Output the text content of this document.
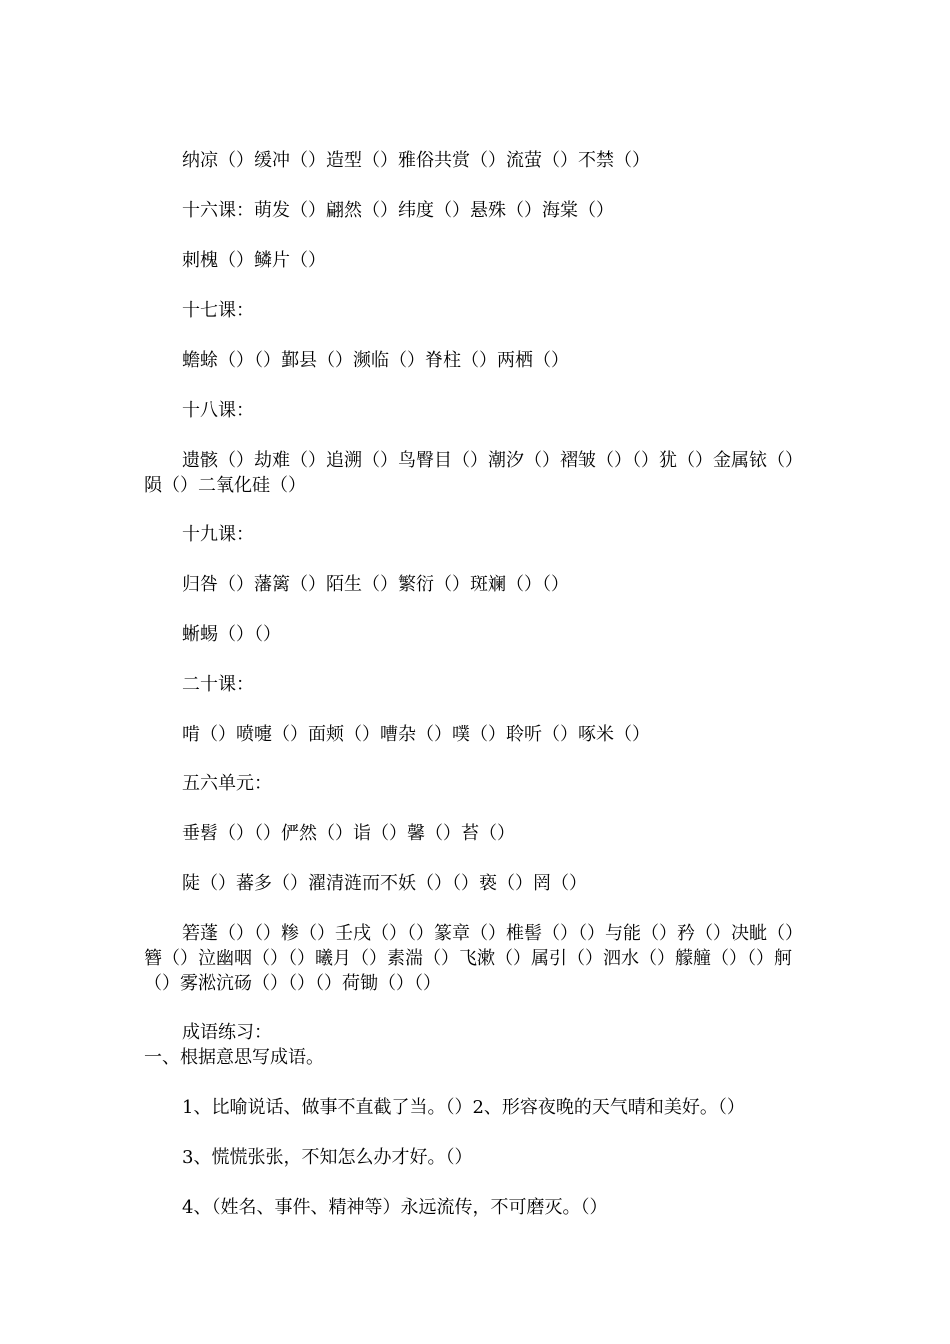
纳凉（）缓冲（）造型（）雅俗共赏（）流萤（）不禁（）
十六课：萌发（）翩然（）纬度（）悬殊（）海棠（）
刺槐（）鳞片（）
十七课：
蟾蜍（）（）鄞县（）濒临（）脊柱（）两栖（）
十八课：
遗骸（）劫难（）追溯（）鸟臀目（）潮汐（）褶皱（）（）犹（）金属铱（）陨（）二氧化硅（）
十九课：
归咎（）藩篱（）陌生（）繁衍（）斑斓（）（）
蜥蜴（）（）
二十课：
啃（）喷嚏（）面颊（）嘈杂（）噗（）聆听（）啄米（）
五六单元：
垂髫（）（）俨然（）诣（）馨（）苔（）
陡（）蕃多（）濯清涟而不妖（）（）亵（）罔（）
箬蓬（）（）糁（）壬戌（）（）篆章（）椎髻（）（）与能（）矜（）决眦（）簪（）泣幽咽（）（）曦月（）素湍（）飞漱（）属引（）泗水（）艨艟（）（）舸（）雾淞沆砀（）（）（）荷锄（）（）
成语练习：
一、根据意思写成语。
1、比喻说话、做事不直截了当。（）2、形容夜晚的天气晴和美好。（）
3、慌慌张张，不知怎么办才好。（）
4、（姓名、事件、精神等）永远流传，不可磨灭。（）
